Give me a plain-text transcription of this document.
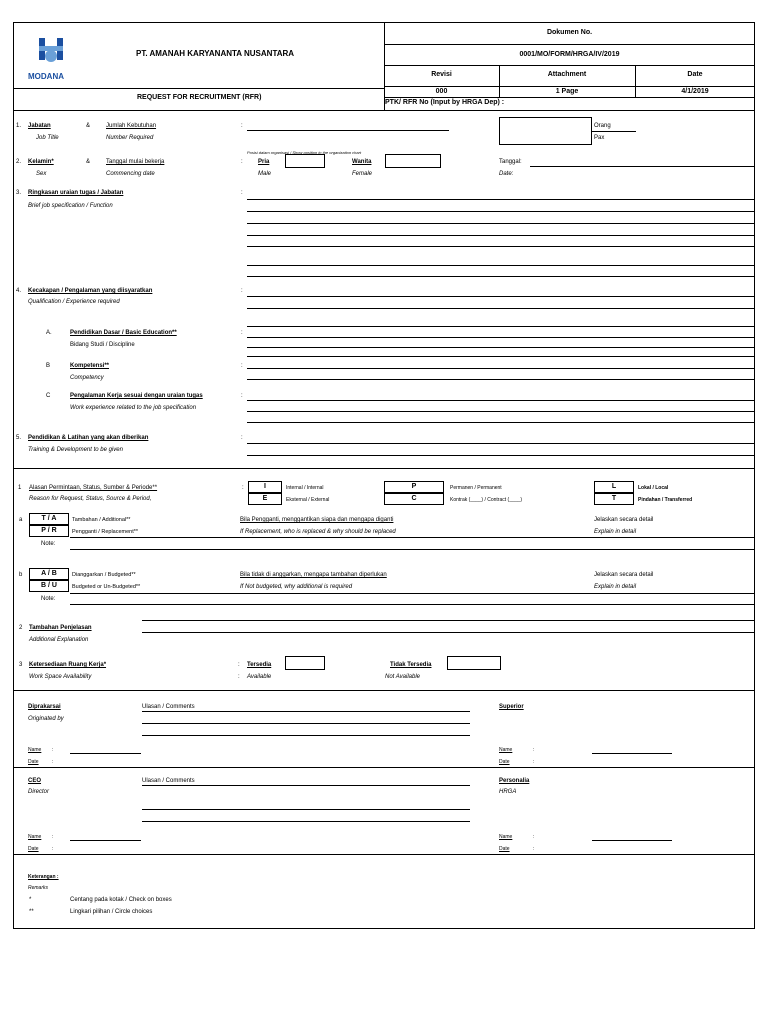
MODANA
PT. AMANAH KARYANANTA NUSANTARA
Dokumen No.
0001/MO/FORM/HRGA/IV/2019
Revisi	Attachment	Date
000	1 Page	4/1/2019
REQUEST FOR RECRUITMENT (RFR)
PTK/ RFR No (Input by HRGA Dep) :
1. Jabatan	&	Jumlah Kebutuhan
Job Title	Number Required
:	Orang
Pax
Posisi dalam organisasi / Show position in the organization chart
2. Kelamin*	&	Tanggal mulai bekerja
Sex	Commencing date
:	Pria
Male
Wanita
Female
Tanggal:
Date:
3. Ringkasan uraian tugas / Jabatan
Brief job specification / Function
:
4. Kecakapan / Pengalaman yang diisyaratkan
Qualification / Experience required
:
A.	Pendidikan Dasar / Basic Education**
Bidang Studi / Discipline
:
B	Kompetensi**
Competency
:
C	Pengalaman Kerja sesuai dengan uraian tugas
Work experience related to the job specification
:
5. Pendidikan & Latihan yang akan diberikan
Training & Development to be given
:
1 Alasan Permintaan, Status, Sumber & Periode**
Reason for Request, Status, Source & Period,
:	I	Internal / Internal
E	Eksternal / External
P	Permanen / Permanent
C	Kontrak (____) / Contract (____)
L	Lokal / Local
T	Pindahan / Transferred
a	T / A	Tambahan / Additional**
P / R	Pengganti / Replacement**
Note:
Bila Pengganti, menggantikan siapa dan mengapa diganti
If Replacement, who is replaced & why should be replaced
Jelaskan secara detail
Explain in detail
b	A / B	Dianggarkan / Budgeted**
B / U	Budgeted or Un-Budgeted**
Note:
Bila tidak di anggarkan, mengapa tambahan diperlukan
If Not budgeted, why additional is required
Jelaskan secara detail
Explain in detail
2 Tambahan Penjelasan
Additional Explanation
3 Ketersediaan Ruang Kerja*
Work Space Availability
: Tersedia
: Available
Tidak Tersedia
Not Available
Diprakarsai
Originated by
Ulasan / Comments	Superior
Name :
Date	:
Name	:
Date	:
CEO
Director
Ulasan / Comments	Personalia
HRGA
Name :
Date	:
Name	:
Date	:
Keterangan :
Remarks
*	Centang pada kotak / Check on boxes
**	Lingkari pilihan / Circle choices
